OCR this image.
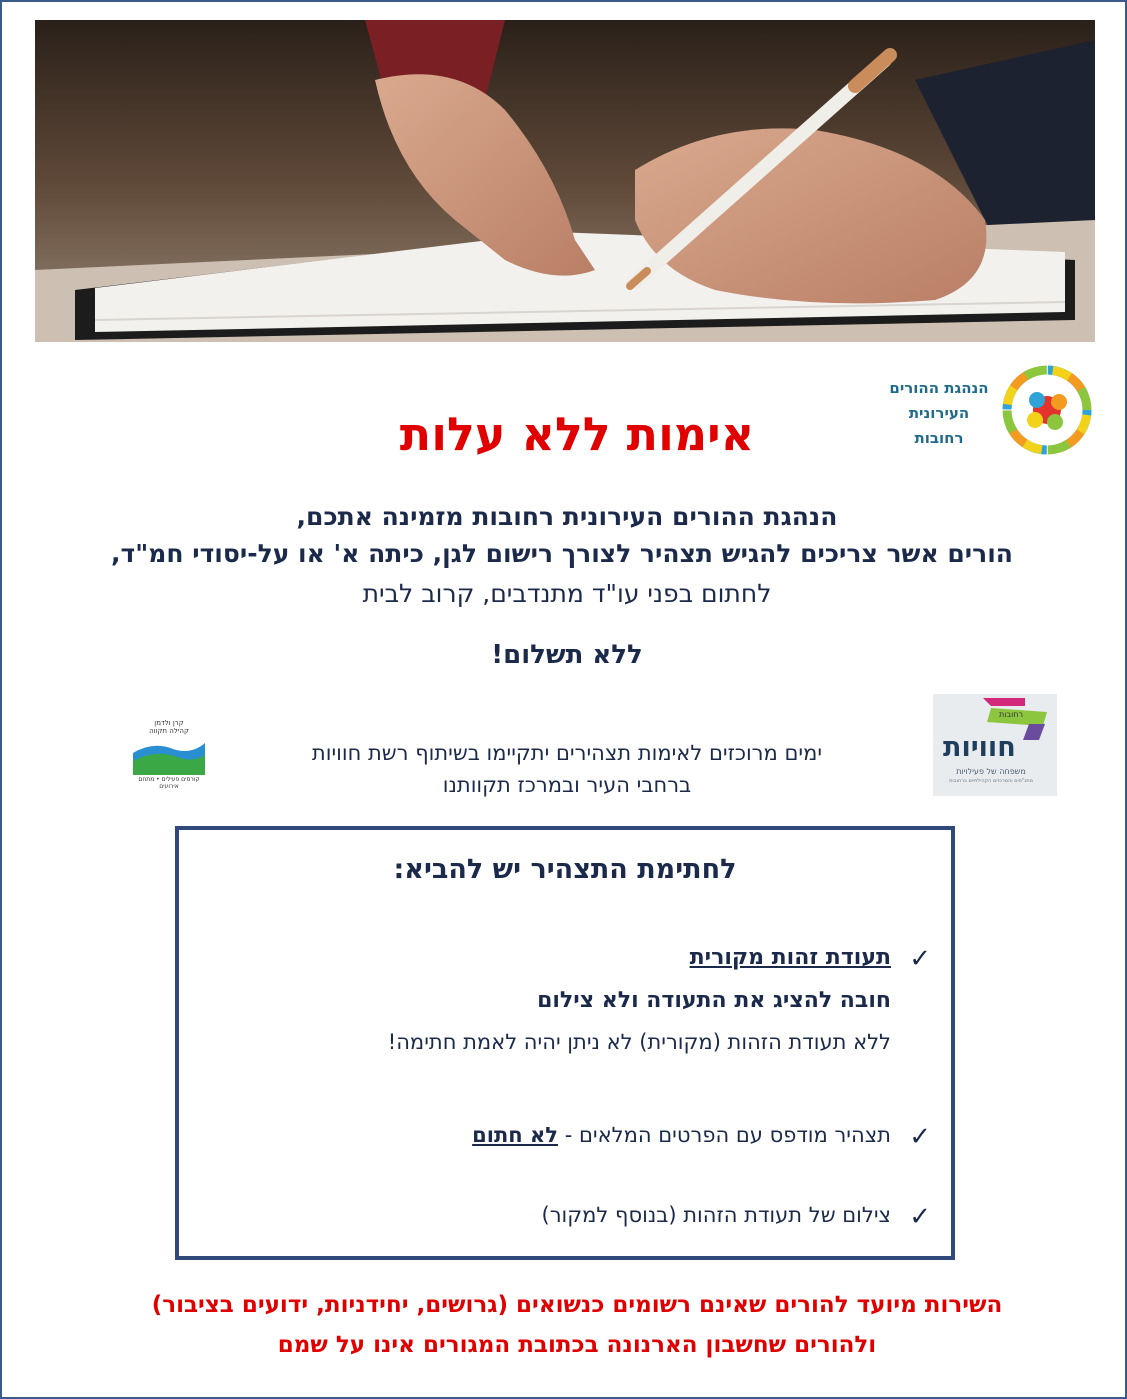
הנהגת ההורים
העירונית
רחובות
אימות ללא עלות

הנהגת ההורים העירונית רחובות מזמינה אתכם,

הורים אשר צריכים להגיש תצהיר לצורך רישום לגן, כיתה א' או על-יסודי חמ"ד,

לחתום בפני עו"ד מתנדבים, קרוב לבית

ללא תשלום!

רחובות
חוויות
משפחה של פעילויות
מתנ"סים והמרכזים הקהילתיים ברחובות
קרן ולדמן
קהילה תקווה
קורסים פעילים • מתחם אירועים

ימים מרוכזים לאימות תצהירים יתקיימו בשיתוף רשת חוויות
ברחבי העיר ובמרכז תקוותנו

לחתימת התצהיר יש להביא:
✓
תעודת זהות מקורית
חובה להציג את התעודה ולא צילום
ללא תעודת הזהות (מקורית) לא ניתן יהיה לאמת חתימה!
✓
תצהיר מודפס עם הפרטים המלאים - לא חתום
✓
צילום של תעודת הזהות (בנוסף למקור)

השירות מיועד להורים שאינם רשומים כנשואים (גרושים, יחידניות, ידועים בציבור)

ולהורים שחשבון הארנונה בכתובת המגורים אינו על שמם
